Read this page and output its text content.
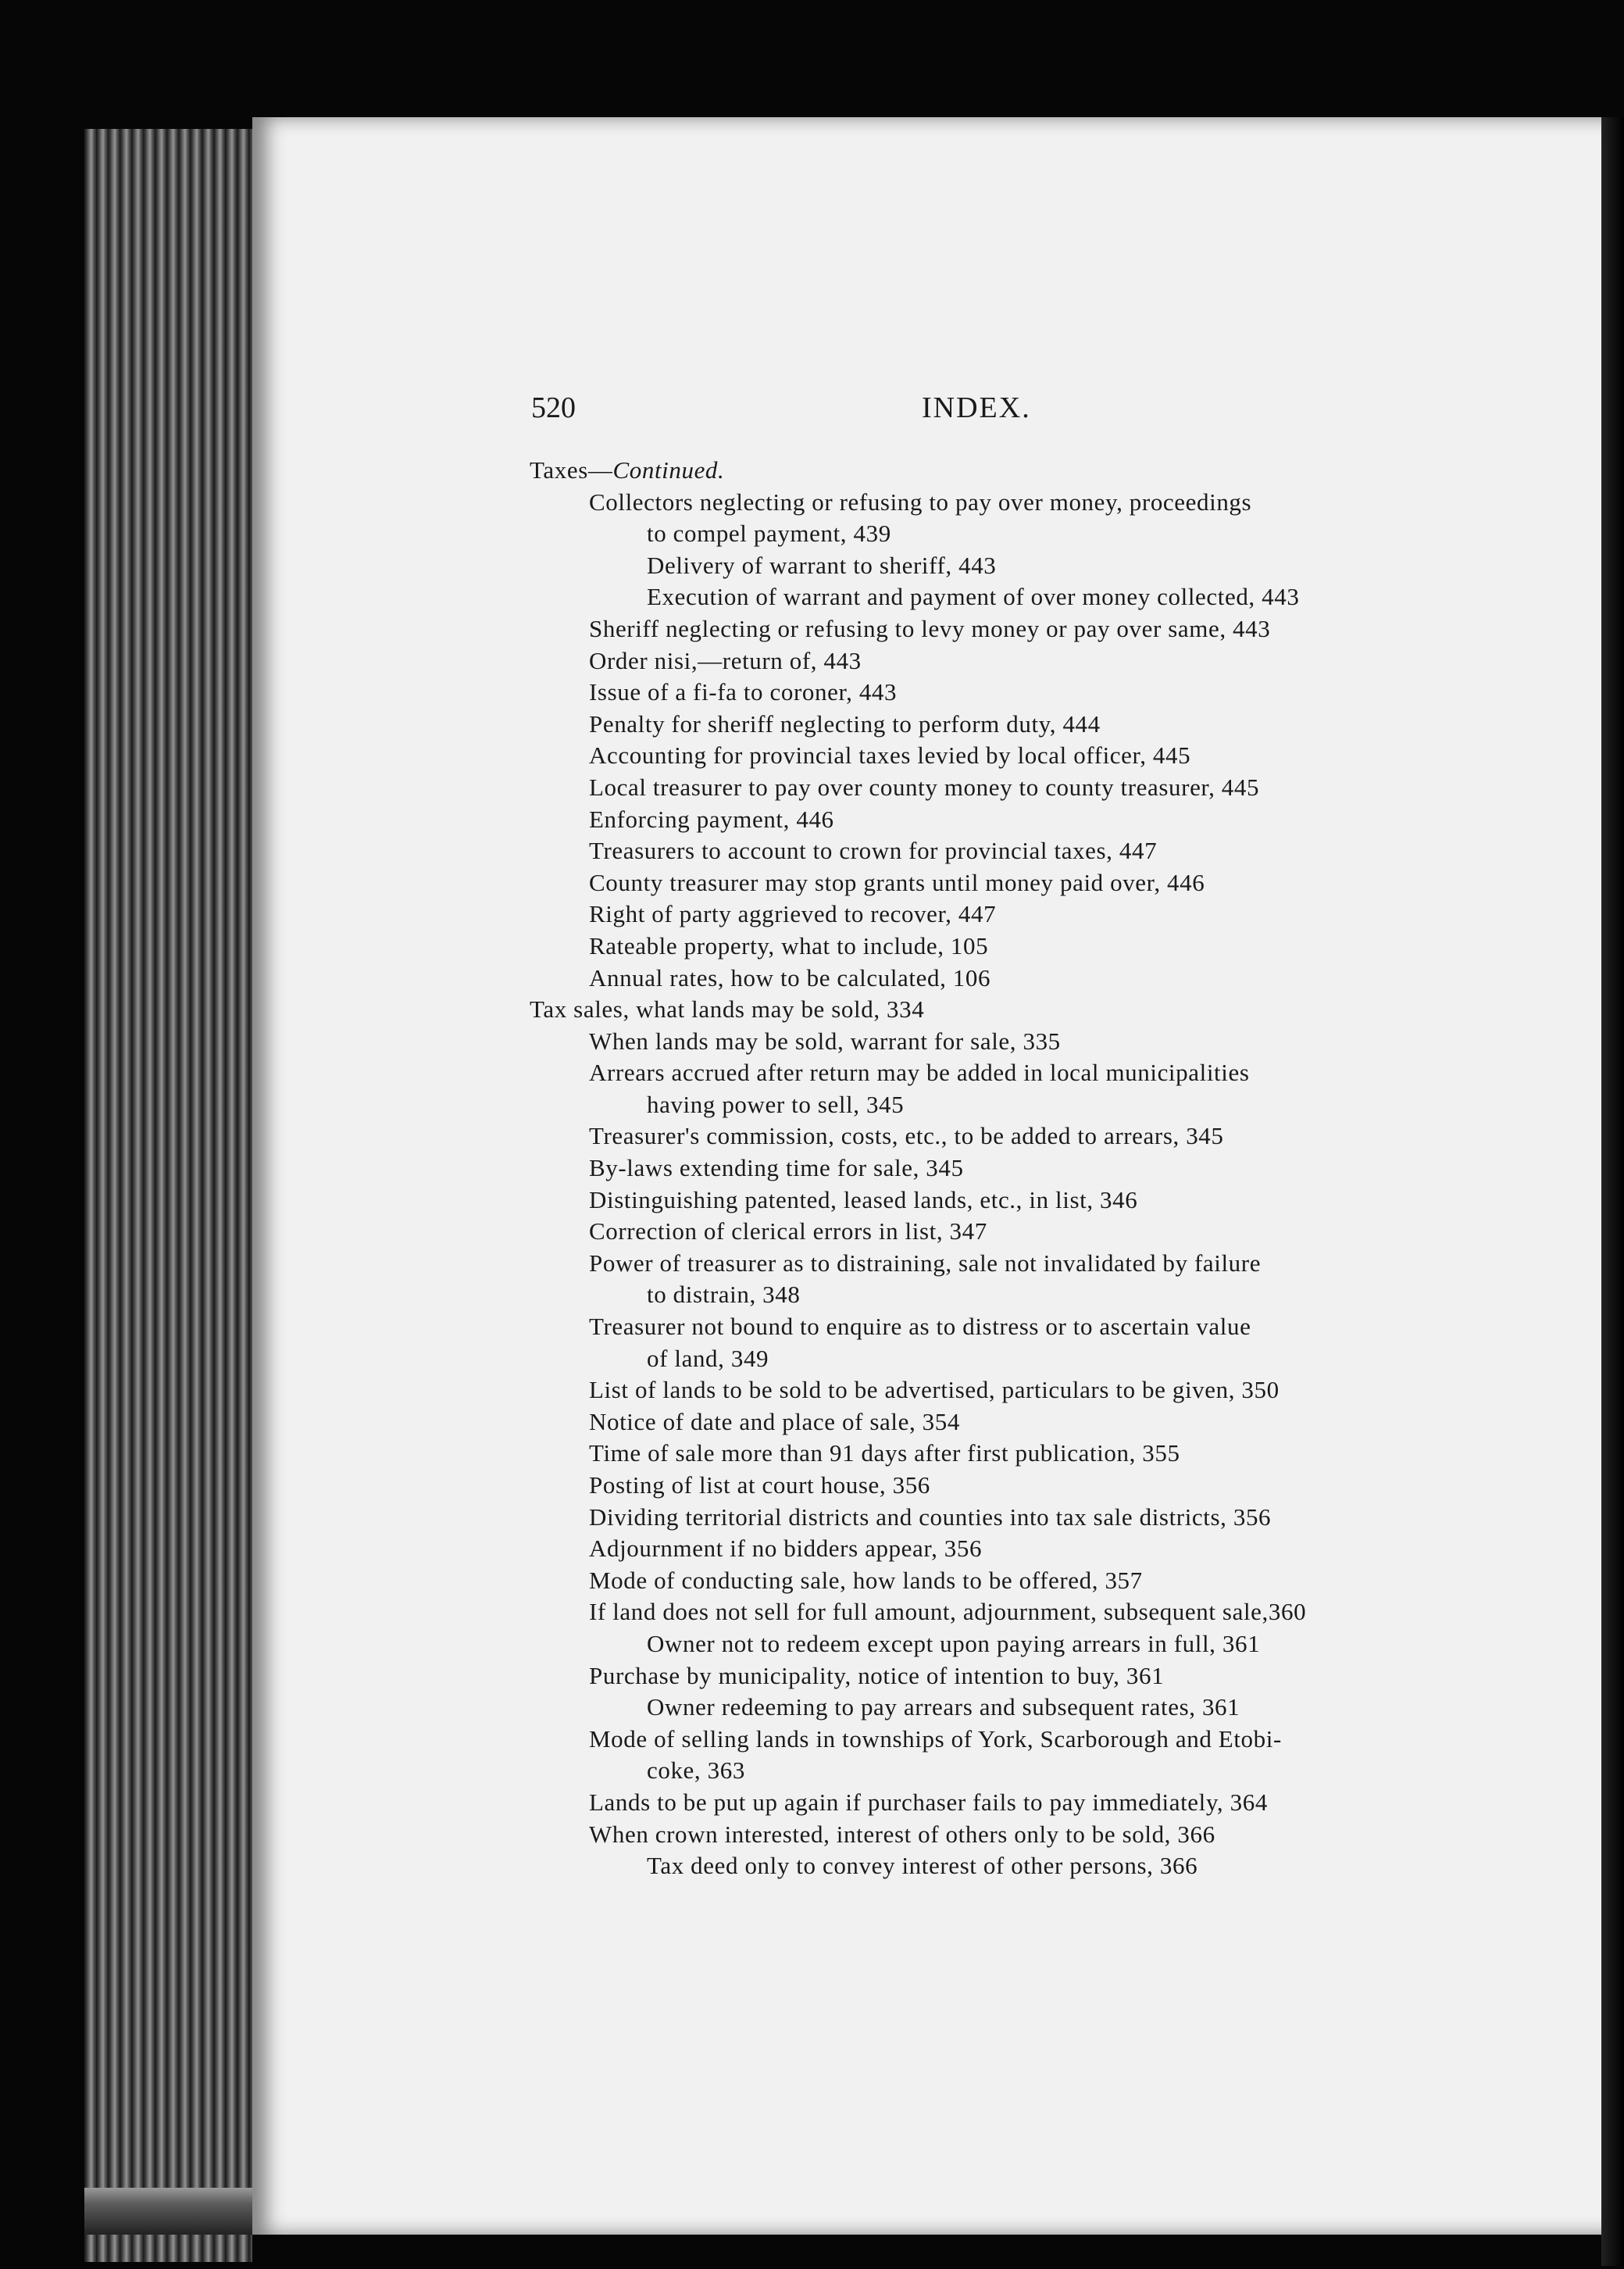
520	INDEX.
Taxes—Continued.
Collectors neglecting or refusing to pay over money, proceedings
to compel payment, 439
Delivery of warrant to sheriff, 443
Execution of warrant and payment of over money collected, 443
Sheriff neglecting or refusing to levy money or pay over same, 443
Order nisi,—return of, 443
Issue of a fi-fa to coroner, 443
Penalty for sheriff neglecting to perform duty, 444
Accounting for provincial taxes levied by local officer, 445
Local treasurer to pay over county money to county treasurer, 445
Enforcing payment, 446
Treasurers to account to crown for provincial taxes, 447
County treasurer may stop grants until money paid over, 446
Right of party aggrieved to recover, 447
Rateable property, what to include, 105
Annual rates, how to be calculated, 106
Tax sales, what lands may be sold, 334
When lands may be sold, warrant for sale, 335
Arrears accrued after return may be added in local municipalities
having power to sell, 345
Treasurer's commission, costs, etc., to be added to arrears, 345
By-laws extending time for sale, 345
Distinguishing patented, leased lands, etc., in list, 346
Correction of clerical errors in list, 347
Power of treasurer as to distraining, sale not invalidated by failure
to distrain, 348
Treasurer not bound to enquire as to distress or to ascertain value
of land, 349
List of lands to be sold to be advertised, particulars to be given, 350
Notice of date and place of sale, 354
Time of sale more than 91 days after first publication, 355
Posting of list at court house, 356
Dividing territorial districts and counties into tax sale districts, 356
Adjournment if no bidders appear, 356
Mode of conducting sale, how lands to be offered, 357
If land does not sell for full amount, adjournment, subsequent sale,360
Owner not to redeem except upon paying arrears in full, 361
Purchase by municipality, notice of intention to buy, 361
Owner redeeming to pay arrears and subsequent rates, 361
Mode of selling lands in townships of York, Scarborough and Etobi-
coke, 363
Lands to be put up again if purchaser fails to pay immediately, 364
When crown interested, interest of others only to be sold, 366
Tax deed only to convey interest of other persons, 366
